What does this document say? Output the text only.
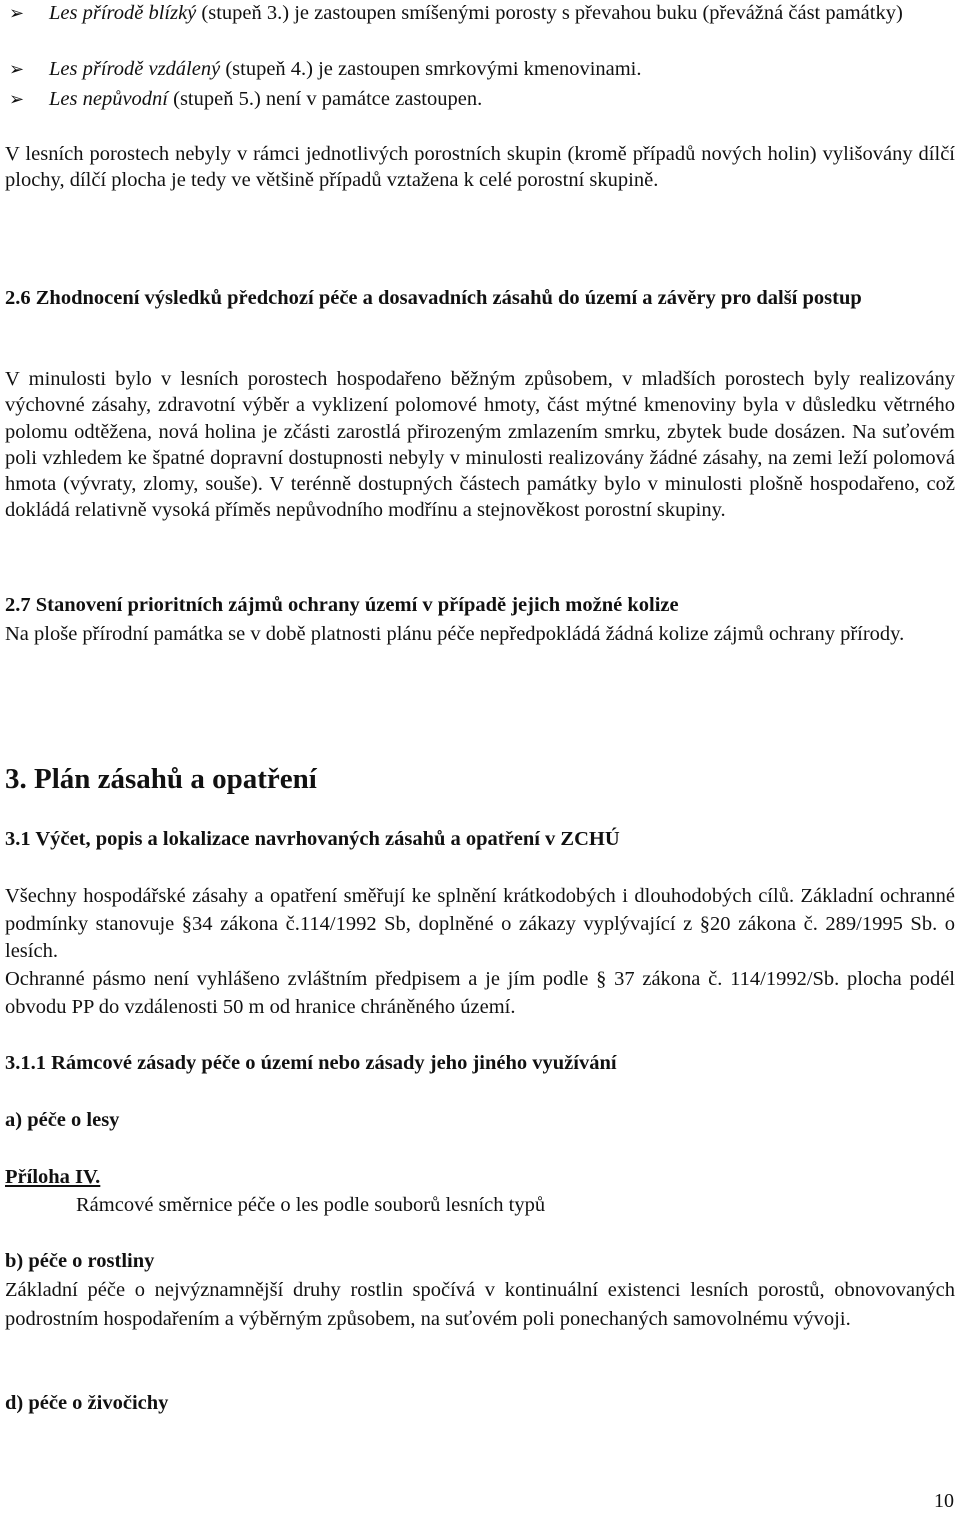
➢	Les přírodě blízký (stupeň 3.) je zastoupen smíšenými porosty s převahou buku (převážná část památky)
➢	Les přírodě vzdálený (stupeň 4.) je zastoupen smrkovými kmenovinami.
➢	Les nepůvodní (stupeň 5.) není v památce zastoupen.

V lesních porostech nebyly v rámci jednotlivých porostních skupin (kromě případů nových holin) vylišovány dílčí plochy, dílčí plocha je tedy ve většině případů vztažena k celé porostní skupině.

2.6 Zhodnocení výsledků předchozí péče a dosavadních zásahů do území a závěry pro další postup

V minulosti bylo v lesních porostech hospodařeno běžným způsobem, v mladších porostech byly realizovány výchovné zásahy, zdravotní výběr a vyklizení polomové hmoty, část mýtné kmenoviny byla v důsledku větrného polomu odtěžena, nová holina je zčásti zarostlá přirozeným zmlazením smrku, zbytek bude dosázen. Na suťovém poli vzhledem ke špatné dopravní dostupnosti nebyly v minulosti realizovány žádné zásahy, na zemi leží polomová hmota (vývraty, zlomy, souše). V terénně dostupných částech památky bylo v minulosti plošně hospodařeno, což dokládá relativně vysoká příměs nepůvodního modřínu a stejnověkost porostní skupiny.

2.7 Stanovení prioritních zájmů ochrany území v případě jejich možné kolize

Na ploše přírodní památka se v době platnosti plánu péče nepředpokládá žádná kolize zájmů ochrany přírody.

3. Plán zásahů a opatření
3.1 Výčet, popis a lokalizace navrhovaných zásahů a opatření v ZCHÚ

Všechny hospodářské zásahy a opatření směřují ke splnění krátkodobých i dlouhodobých cílů. Základní ochranné podmínky stanovuje §34 zákona č.114/1992 Sb, doplněné o zákazy vyplývající z §20 zákona č. 289/1995 Sb. o lesích.

Ochranné pásmo není vyhlášeno zvláštním předpisem a je jím podle § 37 zákona č. 114/1992/Sb. plocha podél obvodu PP do vzdálenosti 50 m od hranice chráněného území.

3.1.1 Rámcové zásady péče o území nebo zásady jeho jiného využívání
a) péče o lesy
Příloha IV.
Rámcové směrnice péče o les podle souborů lesních typů
b) péče o rostliny

Základní péče o nejvýznamnější druhy rostlin spočívá v kontinuální existenci lesních porostů, obnovovaných podrostním hospodařením a výběrným způsobem, na suťovém poli ponechaných samovolnému vývoji.

d) péče o živočichy
10
